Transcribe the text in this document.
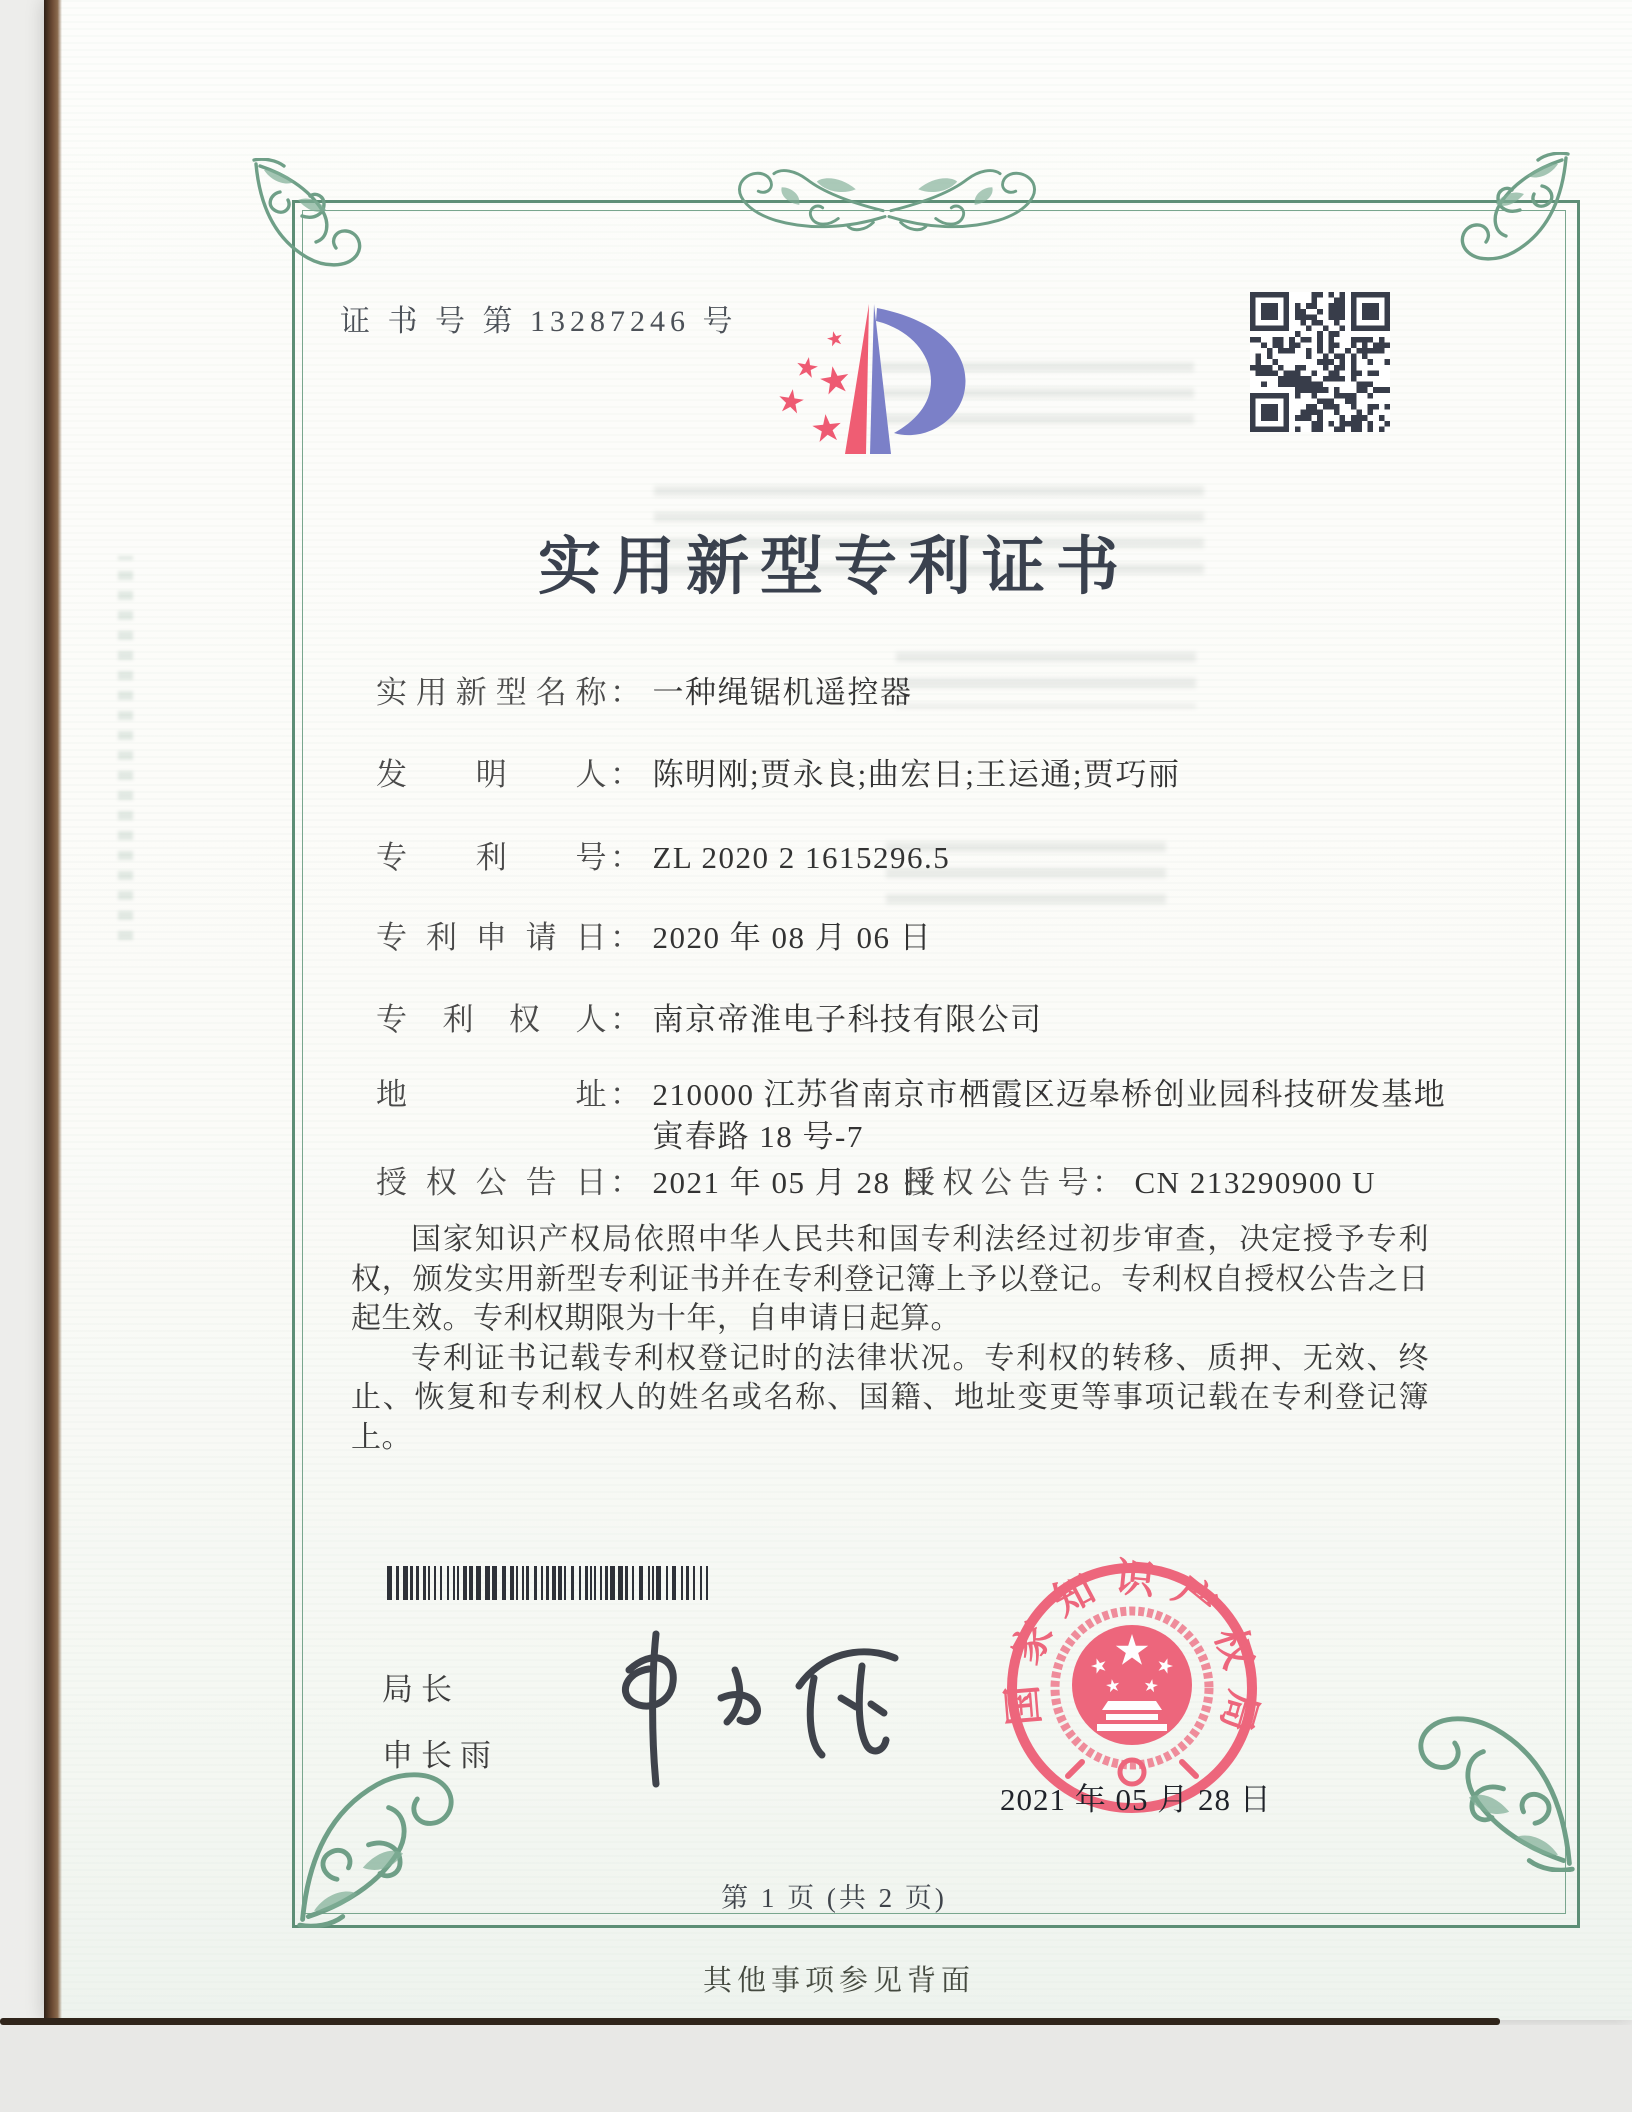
证 书 号 第 13287246 号
实用新型专利证书
实用新型名称 ： 一种绳锯机遥控器
发明人 ： 陈明刚;贾永良;曲宏日;王运通;贾巧丽
专利号 ： ZL 2020 2 1615296.5
专利申请日 ： 2020 年 08 月 06 日
专利权人 ： 南京帝淮电子科技有限公司
地址 ： 210000 江苏省南京市栖霞区迈皋桥创业园科技研发基地
寅春路 18 号-7
授权公告日 ： 2021 年 05 月 28 日
授权公告号 ： CN 213290900 U

国家知识产权局依照中华人民共和国专利法经过初步审查，决定授予专利权，颁发实用新型专利证书并在专利登记簿上予以登记。专利权自授权公告之日起生效。专利权期限为十年，自申请日起算。

专利证书记载专利权登记时的法律状况。专利权的转移、质押、无效、终止、恢复和专利权人的姓名或名称、国籍、地址变更等事项记载在专利登记簿上。

局长
申长雨
国家知识产权局
2021 年 05 月 28 日
第 1 页 (共 2 页)
其他事项参见背面
